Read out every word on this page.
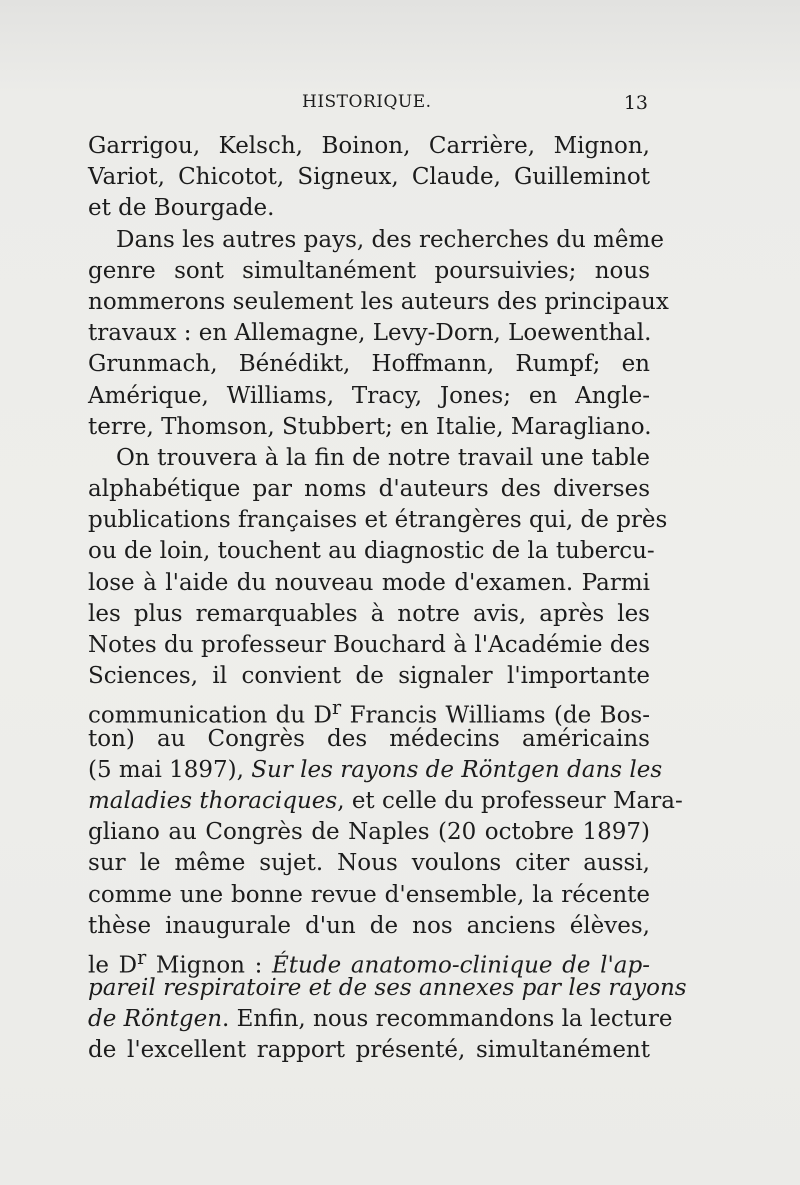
HISTORIQUE.	13
Garrigou, Kelsch, Boinon, Carrière, Mignon,
Variot, Chicotot, Signeux, Claude, Guilleminot
et de Bourgade.
Dans les autres pays, des recherches du même
genre sont simultanément poursuivies; nous
nommerons seulement les auteurs des principaux
travaux : en Allemagne, Levy-Dorn, Loewenthal.
Grunmach, Bénédikt, Hoffmann, Rumpf; en
Amérique, Williams, Tracy, Jones; en Angle-
terre, Thomson, Stubbert; en Italie, Maragliano.
On trouvera à la fin de notre travail une table
alphabétique par noms d'auteurs des diverses
publications françaises et étrangères qui, de près
ou de loin, touchent au diagnostic de la tubercu-
lose à l'aide du nouveau mode d'examen. Parmi
les plus remarquables à notre avis, après les
Notes du professeur Bouchard à l'Académie des
Sciences, il convient de signaler l'importante
communication du $D^r$ Francis Williams (de Bos-
ton) au Congrès des médecins américains
(5 mai 1897), Sur les rayons de Röntgen dans les
maladies thoraciques, et celle du professeur Mara-
gliano au Congrès de Naples (20 octobre 1897)
sur le même sujet. Nous voulons citer aussi,
comme une bonne revue d'ensemble, la récente
thèse inaugurale d'un de nos anciens élèves,
le $D^r$ Mignon : Étude anatomo-clinique de l'ap-
pareil respiratoire et de ses annexes par les rayons
de Röntgen. Enfin, nous recommandons la lecture
de l'excellent rapport présenté, simultanément
